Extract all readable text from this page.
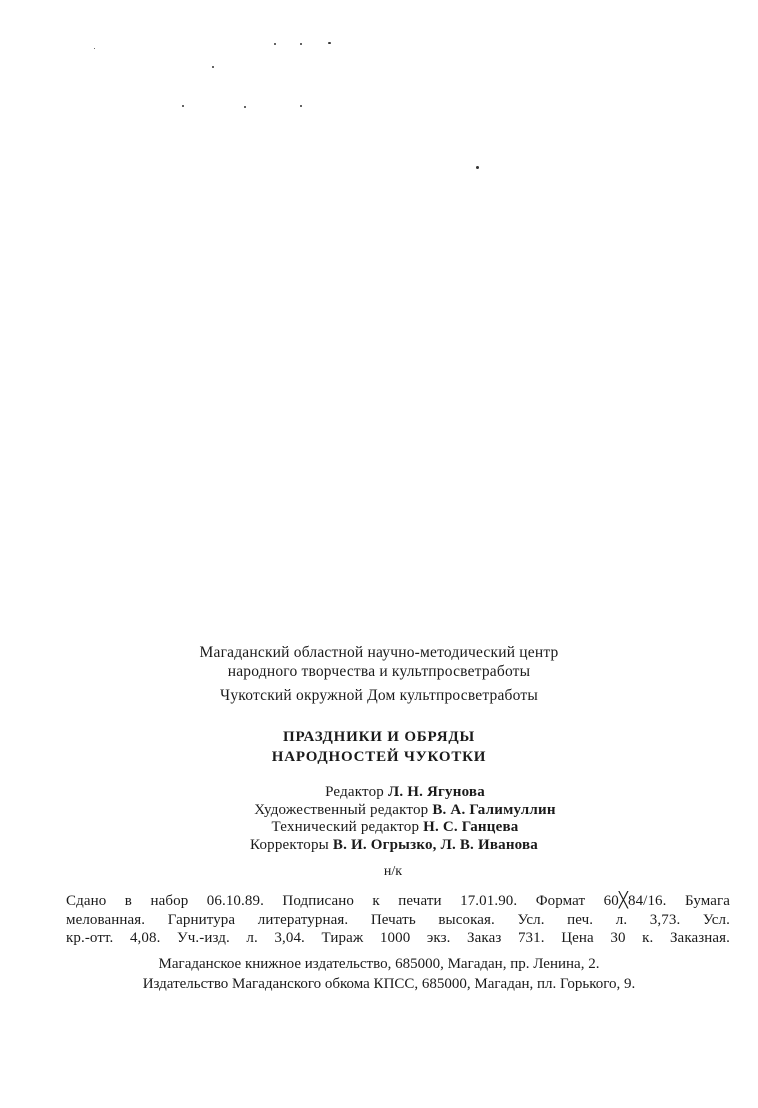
Магаданский областной научно-методический центр
народного творчества и культпросветработы
Чукотский окружной Дом культпросветработы
ПРАЗДНИКИ И ОБРЯДЫ
НАРОДНОСТЕЙ ЧУКОТКИ
Редактор Л. Н. Ягунова
Художественный редактор В. А. Галимуллин
Технический редактор Н. С. Ганцева
Корректоры В. И. Огрызко, Л. В. Иванова
н/к
Сдано в набор 06.10.89. Подписано к печати 17.01.90. Формат 60╳84/16. Бумага
мелованная. Гарнитура литературная. Печать высокая. Усл. печ. л. 3,73. Усл.
кр.-отт. 4,08. Уч.-изд. л. 3,04. Тираж 1000 экз. Заказ 731. Цена 30 к. Заказная.
Магаданское книжное издательство, 685000, Магадан, пр. Ленина, 2.
Издательство Магаданского обкома КПСС, 685000, Магадан, пл. Горького, 9.
